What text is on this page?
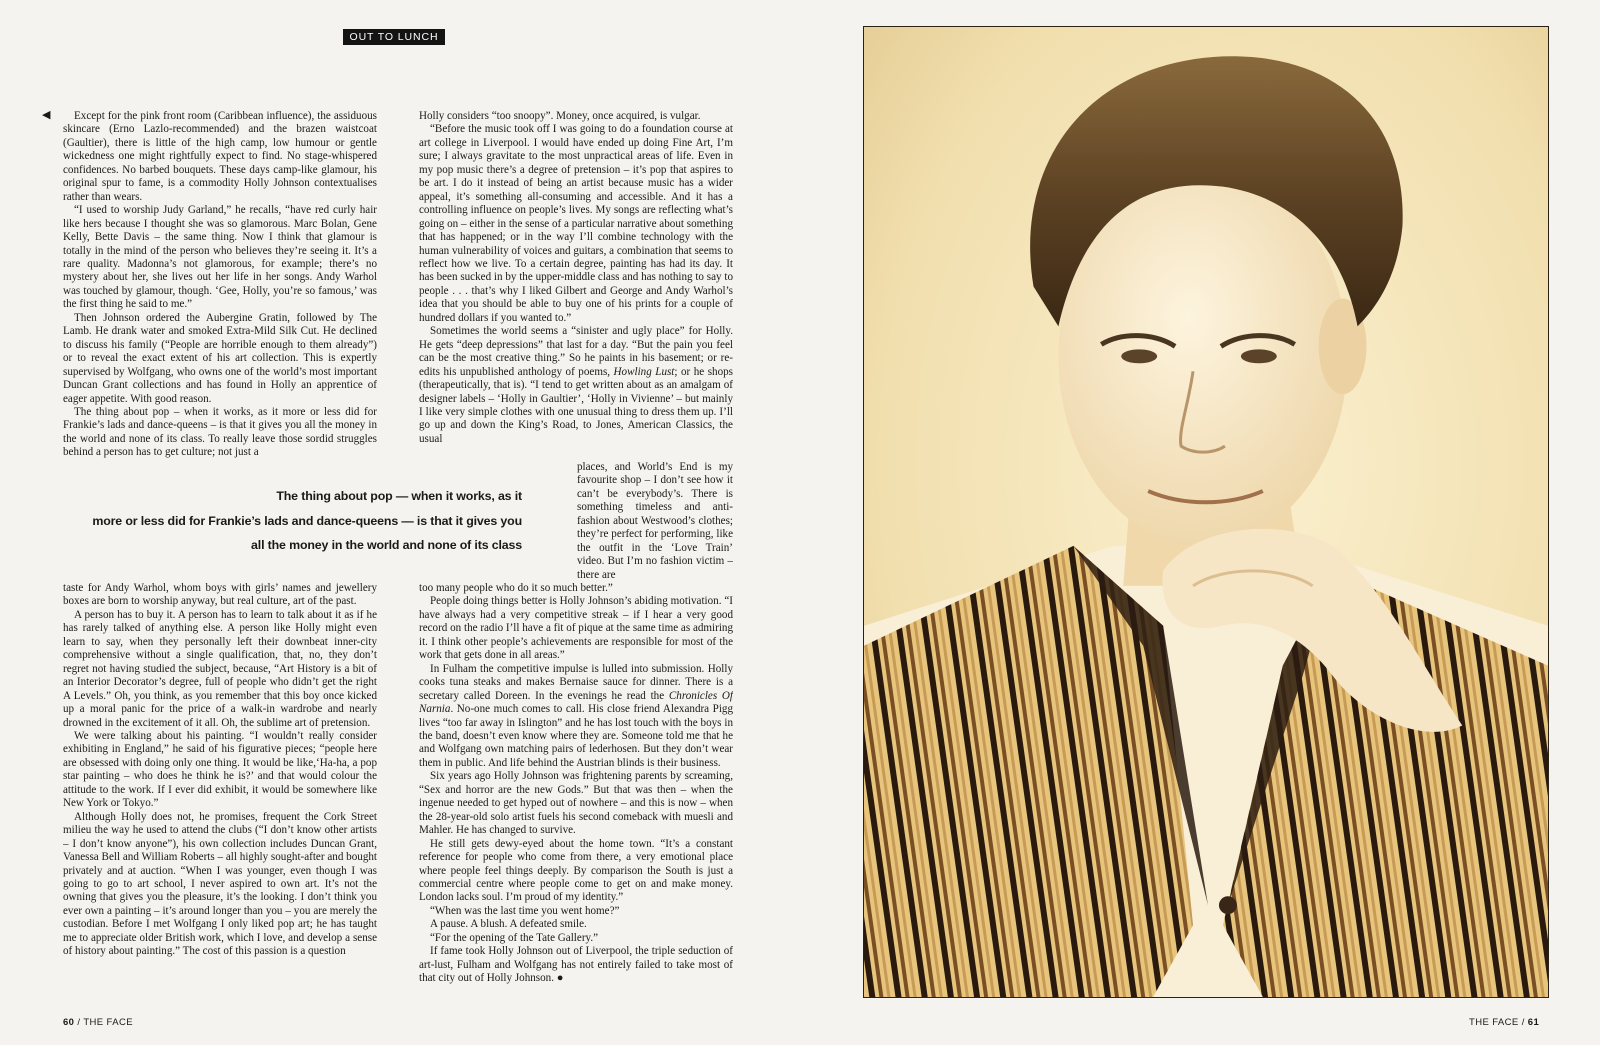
OUT TO LUNCH
◀	Except for the pink front room (Caribbean influence), the assiduous skincare (Erno Lazlo-recommended) and the brazen waistcoat (Gaultier), there is little of the high camp, low humour or gentle wickedness one might rightfully expect to find. No stage-whispered confidences. No barbed bouquets. These days camp-like glamour, his original spur to fame, is a commodity Holly Johnson contextualises rather than wears.

“I used to worship Judy Garland,” he recalls, “have red curly hair like hers because I thought she was so glamorous. Marc Bolan, Gene Kelly, Bette Davis – the same thing. Now I think that glamour is totally in the mind of the person who believes they’re seeing it. It’s a rare quality. Madonna’s not glamorous, for example; there’s no mystery about her, she lives out her life in her songs. Andy Warhol was touched by glamour, though. ‘Gee, Holly, you’re so famous,’ was the first thing he said to me.”

Then Johnson ordered the Aubergine Gratin, followed by The Lamb. He drank water and smoked Extra-Mild Silk Cut. He declined to discuss his family (“People are horrible enough to them already”) or to reveal the exact extent of his art collection. This is expertly supervised by Wolfgang, who owns one of the world’s most important Duncan Grant collections and has found in Holly an apprentice of eager appetite. With good reason.

The thing about pop – when it works, as it more or less did for Frankie’s lads and dance-queens – is that it gives you all the money in the world and none of its class. To really leave those sordid struggles behind a person has to get culture; not just a

Holly considers “too snoopy”. Money, once acquired, is vulgar.

“Before the music took off I was going to do a foundation course at art college in Liverpool. I would have ended up doing Fine Art, I’m sure; I always gravitate to the most unpractical areas of life. Even in my pop music there’s a degree of pretension – it’s pop that aspires to be art. I do it instead of being an artist because music has a wider appeal, it’s something all-consuming and accessible. And it has a controlling influence on people’s lives. My songs are reflecting what’s going on – either in the sense of a particular narrative about something that has happened; or in the way I’ll combine technology with the human vulnerability of voices and guitars, a combination that seems to reflect how we live. To a certain degree, painting has had its day. It has been sucked in by the upper-middle class and has nothing to say to people . . . that’s why I liked Gilbert and George and Andy Warhol’s idea that you should be able to buy one of his prints for a couple of hundred dollars if you wanted to.”

Sometimes the world seems a “sinister and ugly place” for Holly. He gets “deep depressions” that last for a day. “But the pain you feel can be the most creative thing.” So he paints in his basement; or re-edits his unpublished anthology of poems, Howling Lust; or he shops (therapeutically, that is). “I tend to get written about as an amalgam of designer labels – ‘Holly in Gaultier’, ‘Holly in Vivienne’ – but mainly I like very simple clothes with one unusual thing to dress them up. I’ll go up and down the King’s Road, to Jones, American Classics, the usual

places, and World’s End is my favourite shop – I don’t see how it can’t be everybody’s. There is something timeless and anti-fashion about Westwood’s clothes; they’re perfect for performing, like the outfit in the ‘Love Train’ video. But I’m no fashion victim – there are

The thing about pop — when it works, as it
more or less did for Frankie’s lads and dance-queens — is that it gives you
all the money in the world and none of its class

taste for Andy Warhol, whom boys with girls’ names and jewellery boxes are born to worship anyway, but real culture, art of the past.

A person has to buy it. A person has to learn to talk about it as if he has rarely talked of anything else. A person like Holly might even learn to say, when they personally left their downbeat inner-city comprehensive without a single qualification, that, no, they don’t regret not having studied the subject, because, “Art History is a bit of an Interior Decorator’s degree, full of people who didn’t get the right A Levels.” Oh, you think, as you remember that this boy once kicked up a moral panic for the price of a walk-in wardrobe and nearly drowned in the excitement of it all. Oh, the sublime art of pretension.

We were talking about his painting. “I wouldn’t really consider exhibiting in England,” he said of his figurative pieces; “people here are obsessed with doing only one thing. It would be like,‘Ha-ha, a pop star painting – who does he think he is?’ and that would colour the attitude to the work. If I ever did exhibit, it would be somewhere like New York or Tokyo.”

Although Holly does not, he promises, frequent the Cork Street milieu the way he used to attend the clubs (“I don’t know other artists – I don’t know anyone”), his own collection includes Duncan Grant, Vanessa Bell and William Roberts – all highly sought-after and bought privately and at auction. “When I was younger, even though I was going to go to art school, I never aspired to own art. It’s not the owning that gives you the pleasure, it’s the looking. I don’t think you ever own a painting – it’s around longer than you – you are merely the custodian. Before I met Wolfgang I only liked pop art; he has taught me to appreciate older British work, which I love, and develop a sense of history about painting.” The cost of this passion is a question

too many people who do it so much better.”

People doing things better is Holly Johnson’s abiding motivation. “I have always had a very competitive streak – if I hear a very good record on the radio I’ll have a fit of pique at the same time as admiring it. I think other people’s achievements are responsible for most of the work that gets done in all areas.”

In Fulham the competitive impulse is lulled into submission. Holly cooks tuna steaks and makes Bernaise sauce for dinner. There is a secretary called Doreen. In the evenings he read the Chronicles Of Narnia. No-one much comes to call. His close friend Alexandra Pigg lives “too far away in Islington” and he has lost touch with the boys in the band, doesn’t even know where they are. Someone told me that he and Wolfgang own matching pairs of lederhosen. But they don’t wear them in public. And life behind the Austrian blinds is their business.

Six years ago Holly Johnson was frightening parents by screaming, “Sex and horror are the new Gods.” But that was then – when the ingenue needed to get hyped out of nowhere – and this is now – when the 28-year-old solo artist fuels his second comeback with muesli and Mahler. He has changed to survive.

He still gets dewy-eyed about the home town. “It’s a constant reference for people who come from there, a very emotional place where people feel things deeply. By comparison the South is just a commercial centre where people come to get on and make money. London lacks soul. I’m proud of my identity.”

“When was the last time you went home?”

A pause. A blush. A defeated smile.

“For the opening of the Tate Gallery.”

If fame took Holly Johnson out of Liverpool, the triple seduction of art-lust, Fulham and Wolfgang has not entirely failed to take most of that city out of Holly Johnson. ●

60 / THE FACE	THE FACE / 61
